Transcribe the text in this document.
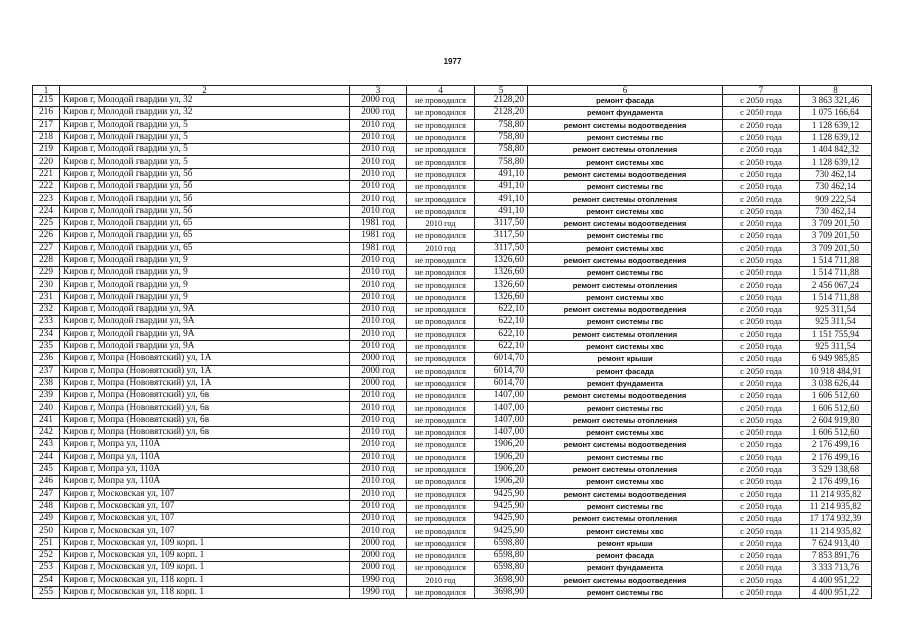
1977
1	2	3	4	5	6	7	8
215	Киров г, Молодой гвардии ул, 32	2000 год	не проводился	2128,20	ремонт фасада	с 2050 года	3 863 321,46
216	Киров г, Молодой гвардии ул, 32	2000 год	не проводился	2128,20	ремонт фундамента	с 2050 года	1 075 166,64
217	Киров г, Молодой гвардии ул, 5	2010 год	не проводился	758,80	ремонт системы водоотведения	с 2050 года	1 128 639,12
218	Киров г, Молодой гвардии ул, 5	2010 год	не проводился	758,80	ремонт системы гвс	с 2050 года	1 128 639,12
219	Киров г, Молодой гвардии ул, 5	2010 год	не проводился	758,80	ремонт системы отопления	с 2050 года	1 404 842,32
220	Киров г, Молодой гвардии ул, 5	2010 год	не проводился	758,80	ремонт системы хвс	с 2050 года	1 128 639,12
221	Киров г, Молодой гвардии ул, 5б	2010 год	не проводился	491,10	ремонт системы водоотведения	с 2050 года	730 462,14
222	Киров г, Молодой гвардии ул, 5б	2010 год	не проводился	491,10	ремонт системы гвс	с 2050 года	730 462,14
223	Киров г, Молодой гвардии ул, 5б	2010 год	не проводился	491,10	ремонт системы отопления	с 2050 года	909 222,54
224	Киров г, Молодой гвардии ул, 5б	2010 год	не проводился	491,10	ремонт системы хвс	с 2050 года	730 462,14
225	Киров г, Молодой гвардии ул, 65	1981 год	2010 год	3117,50	ремонт системы водоотведения	с 2050 года	3 709 201,50
226	Киров г, Молодой гвардии ул, 65	1981 год	не проводился	3117,50	ремонт системы гвс	с 2050 года	3 709 201,50
227	Киров г, Молодой гвардии ул, 65	1981 год	2010 год	3117,50	ремонт системы хвс	с 2050 года	3 709 201,50
228	Киров г, Молодой гвардии ул, 9	2010 год	не проводился	1326,60	ремонт системы водоотведения	с 2050 года	1 514 711,88
229	Киров г, Молодой гвардии ул, 9	2010 год	не проводился	1326,60	ремонт системы гвс	с 2050 года	1 514 711,88
230	Киров г, Молодой гвардии ул, 9	2010 год	не проводился	1326,60	ремонт системы отопления	с 2050 года	2 456 067,24
231	Киров г, Молодой гвардии ул, 9	2010 год	не проводился	1326,60	ремонт системы хвс	с 2050 года	1 514 711,88
232	Киров г, Молодой гвардии ул, 9А	2010 год	не проводился	622,10	ремонт системы водоотведения	с 2050 года	925 311,54
233	Киров г, Молодой гвардии ул, 9А	2010 год	не проводился	622,10	ремонт системы гвс	с 2050 года	925 311,54
234	Киров г, Молодой гвардии ул, 9А	2010 год	не проводился	622,10	ремонт системы отопления	с 2050 года	1 151 755,94
235	Киров г, Молодой гвардии ул, 9А	2010 год	не проводился	622,10	ремонт системы хвс	с 2050 года	925 311,54
236	Киров г, Мопра (Нововятский) ул, 1А	2000 год	не проводился	6014,70	ремонт крыши	с 2050 года	6 949 985,85
237	Киров г, Мопра (Нововятский) ул, 1А	2000 год	не проводился	6014,70	ремонт фасада	с 2050 года	10 918 484,91
238	Киров г, Мопра (Нововятский) ул, 1А	2000 год	не проводился	6014,70	ремонт фундамента	с 2050 года	3 038 626,44
239	Киров г, Мопра (Нововятский) ул, 6в	2010 год	не проводился	1407,00	ремонт системы водоотведения	с 2050 года	1 606 512,60
240	Киров г, Мопра (Нововятский) ул, 6в	2010 год	не проводился	1407,00	ремонт системы гвс	с 2050 года	1 606 512,60
241	Киров г, Мопра (Нововятский) ул, 6в	2010 год	не проводился	1407,00	ремонт системы отопления	с 2050 года	2 604 919,80
242	Киров г, Мопра (Нововятский) ул, 6в	2010 год	не проводился	1407,00	ремонт системы хвс	с 2050 года	1 606 512,60
243	Киров г, Мопра ул, 110А	2010 год	не проводился	1906,20	ремонт системы водоотведения	с 2050 года	2 176 499,16
244	Киров г, Мопра ул, 110А	2010 год	не проводился	1906,20	ремонт системы гвс	с 2050 года	2 176 499,16
245	Киров г, Мопра ул, 110А	2010 год	не проводился	1906,20	ремонт системы отопления	с 2050 года	3 529 138,68
246	Киров г, Мопра ул, 110А	2010 год	не проводился	1906,20	ремонт системы хвс	с 2050 года	2 176 499,16
247	Киров г, Московская ул, 107	2010 год	не проводился	9425,90	ремонт системы водоотведения	с 2050 года	11 214 935,82
248	Киров г, Московская ул, 107	2010 год	не проводился	9425,90	ремонт системы гвс	с 2050 года	11 214 935,82
249	Киров г, Московская ул, 107	2010 год	не проводился	9425,90	ремонт системы отопления	с 2050 года	17 174 932,39
250	Киров г, Московская ул, 107	2010 год	не проводился	9425,90	ремонт системы хвс	с 2050 года	11 214 935,82
251	Киров г, Московская ул, 109 корп. 1	2000 год	не проводился	6598,80	ремонт крыши	с 2050 года	7 624 913,40
252	Киров г, Московская ул, 109 корп. 1	2000 год	не проводился	6598,80	ремонт фасада	с 2050 года	7 853 891,76
253	Киров г, Московская ул, 109 корп. 1	2000 год	не проводился	6598,80	ремонт фундамента	с 2050 года	3 333 713,76
254	Киров г, Московская ул, 118 корп. 1	1990 год	2010 год	3698,90	ремонт системы водоотведения	с 2050 года	4 400 951,22
255	Киров г, Московская ул, 118 корп. 1	1990 год	не проводился	3698,90	ремонт системы гвс	с 2050 года	4 400 951,22
